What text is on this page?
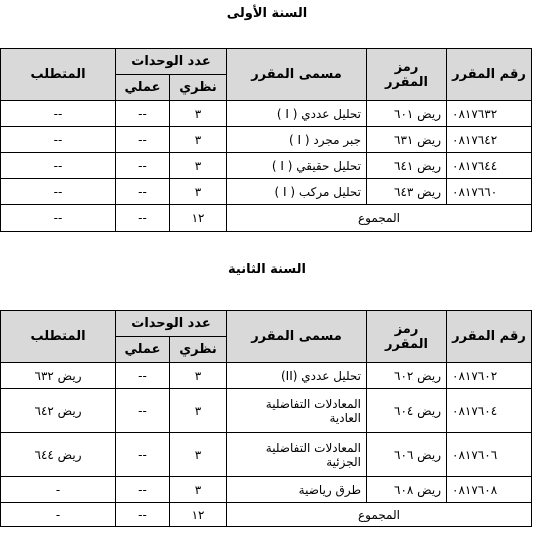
السنة الأولى
رقم المقرر	رمز المقرر	مسمى المقرر	عدد الوحدات		المتطلب
			نظري	عملي	
٠٨١٧٦٣٢	ريض ٦٠١	تحليل عددي ( I )	٣	--	--
٠٨١٧٦٤٢	ريض ٦٣١	جبر مجرد ( I )	٣	--	--
٠٨١٧٦٤٤	ريض ٦٤١	تحليل حقيقي ( I )	٣	--	--
٠٨١٧٦٦٠	ريض ٦٤٣	تحليل مركب ( I )	٣	--	--
المجموع			١٢	--	--
السنة الثانية
رقم المقرر	رمز المقرر	مسمى المقرر	عدد الوحدات		المتطلب
			نظري	عملي	
٠٨١٧٦٠٢	ريض ٦٠٢	تحليل عددي (II)	٣	--	ريض ٦٣٢
٠٨١٧٦٠٤	ريض ٦٠٤	المعادلات التفاضلية العادية	٣	--	ريض ٦٤٢
٠٨١٧٦٠٦	ريض ٦٠٦	المعادلات التفاضلية الجزئية	٣	--	ريض ٦٤٤
٠٨١٧٦٠٨	ريض ٦٠٨	طرق رياضية	٣	--	-
المجموع			١٢	--	-
